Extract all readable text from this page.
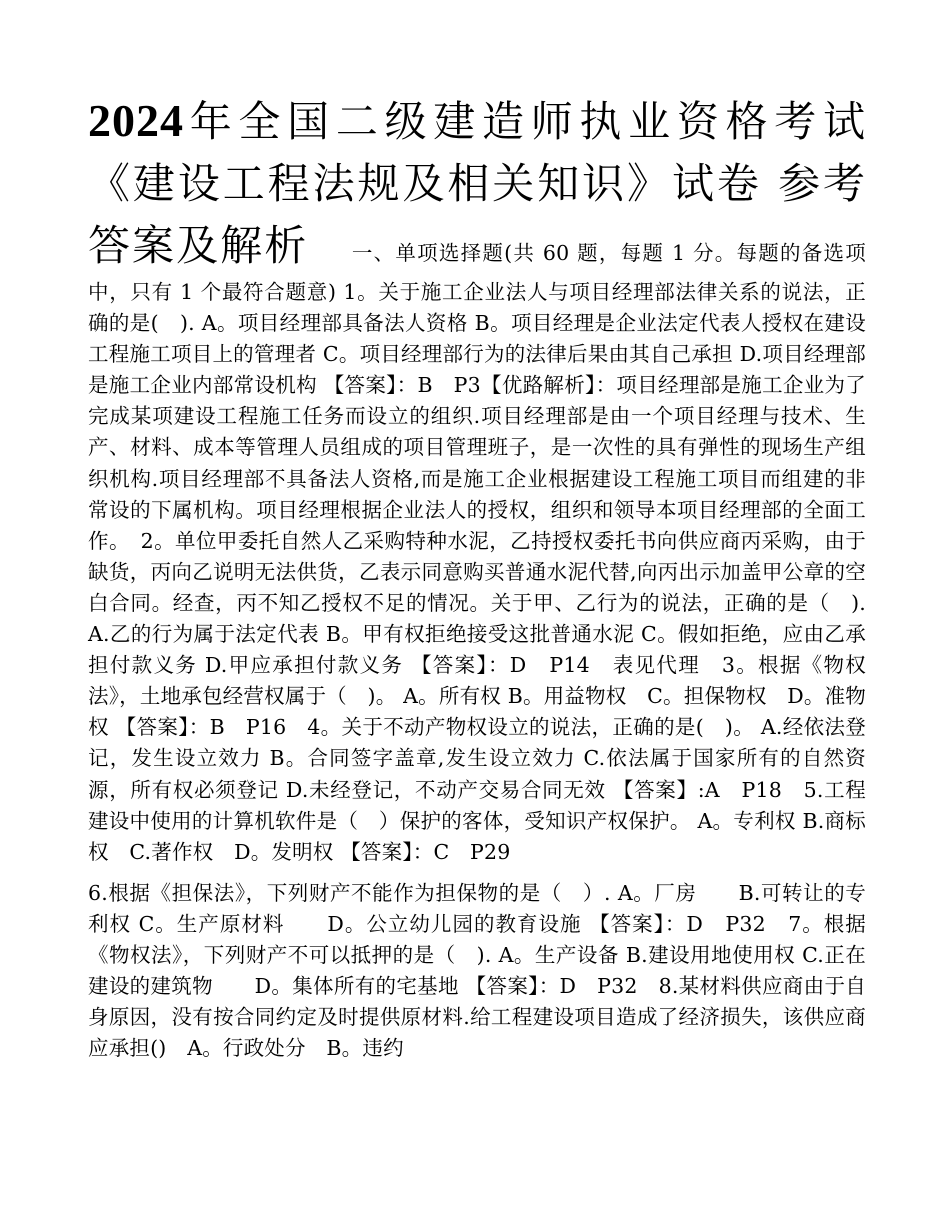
2024年全国二级建造师执业资格考试《建设工程法规及相关知识》试卷 参考答案及解析　　 一、单项选择题(共 60 题，每题 1 分。每题的备选项中，只有 1 个最符合题意) 1。关于施工企业法人与项目经理部法律关系的说法，正确的是(　). A。项目经理部具备法人资格 B。项目经理是企业法定代表人授权在建设工程施工项目上的管理者 C。项目经理部行为的法律后果由其自己承担 D.项目经理部是施工企业内部常设机构 【答案】：B　P3【优路解析】：项目经理部是施工企业为了完成某项建设工程施工任务而设立的组织.项目经理部是由一个项目经理与技术、生产、材料、成本等管理人员组成的项目管理班子，是一次性的具有弹性的现场生产组织机构.项目经理部不具备法人资格,而是施工企业根据建设工程施工项目而组建的非常设的下属机构。项目经理根据企业法人的授权，组织和领导本项目经理部的全面工作。　2。单位甲委托自然人乙采购特种水泥，乙持授权委托书向供应商丙采购，由于缺货，丙向乙说明无法供货，乙表示同意购买普通水泥代替,向丙出示加盖甲公章的空白合同。经查，丙不知乙授权不足的情况。关于甲、乙行为的说法，正确的是（　). A.乙的行为属于法定代表 B。甲有权拒绝接受这批普通水泥 C。假如拒绝，应由乙承担付款义务 D.甲应承担付款义务 【答案】：D　P14　表见代理　3。根据《物权法》，土地承包经营权属于（　)。 A。所有权 B。用益物权　C。担保物权　D。准物权 【答案】：B　P16　4。关于不动产物权设立的说法，正确的是(　)。 A.经依法登记，发生设立效力 B。合同签字盖章,发生设立效力 C.依法属于国家所有的自然资源，所有权必须登记 D.未经登记，不动产交易合同无效 【答案】:A　P18　5.工程建设中使用的计算机软件是（　）保护的客体，受知识产权保护。 A。专利权 B.商标权　C.著作权　D。发明权 【答案】：C　P29

6.根据《担保法》，下列财产不能作为担保物的是（　）. A。厂房　　B.可转让的专利权 C。生产原材料　　D。公立幼儿园的教育设施 【答案】：D　P32　7。根据《物权法》，下列财产不可以抵押的是（　). A。生产设备 B.建设用地使用权 C.正在建设的建筑物　　D。集体所有的宅基地 【答案】：D　P32　8.某材料供应商由于自身原因，没有按合同约定及时提供原材料.给工程建设项目造成了经济损失，该供应商应承担()　A。行政处分　B。违约
